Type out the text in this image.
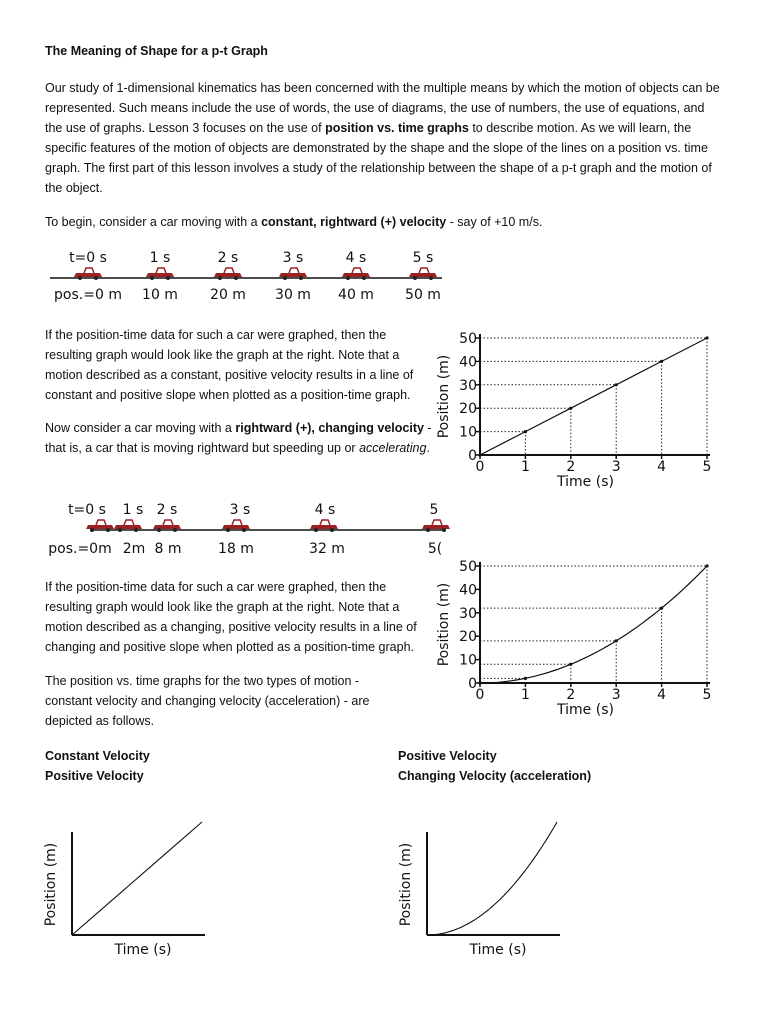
The Meaning of Shape for a p-t Graph
Our study of 1-dimensional kinematics has been concerned with the multiple means by which the motion of objects can be represented. Such means include the use of words, the use of diagrams, the use of numbers, the use of equations, and the use of graphs. Lesson 3 focuses on the use of position vs. time graphs to describe motion. As we will learn, the specific features of the motion of objects are demonstrated by the shape and the slope of the lines on a position vs. time graph. The first part of this lesson involves a study of the relationship between the shape of a p-t graph and the motion of the object.
To begin, consider a car moving with a constant, rightward (+) velocity - say of +10 m/s.
t=0 s	1 s	2 s	3 s	4 s	5 s
pos.=0 m 10 m 20 m 30 m 40 m 50 m
If the position-time data for such a car were graphed, then the resulting graph would look like the graph at the right. Note that a motion described as a constant, positive velocity results in a line of constant and positive slope when plotted as a position-time graph.
Now consider a car moving with a rightward (+), changing velocity - that is, a car that is moving rightward but speeding up or accelerating.
0	1	2	3	4	5
0
10
20
30
40
50
Time (s)
Position (m)
t=0 s 1 s 2 s	3 s	4 s	5
pos.=0m 2m 8 m	18 m	32 m	5(
If the position-time data for such a car were graphed, then the resulting graph would look like the graph at the right. Note that a motion described as a changing, positive velocity results in a line of changing and positive slope when plotted as a position-time graph.
0	1	2	3	4	5
0
10
20
30
40
50
Time (s)
Position (m)
The position vs. time graphs for the two types of motion - constant velocity and changing velocity (acceleration) - are depicted as follows.
Constant Velocity
Positive Velocity
Positive Velocity
Changing Velocity (acceleration)
Time (s)
Position (m)
Time (s)
Position (m)
